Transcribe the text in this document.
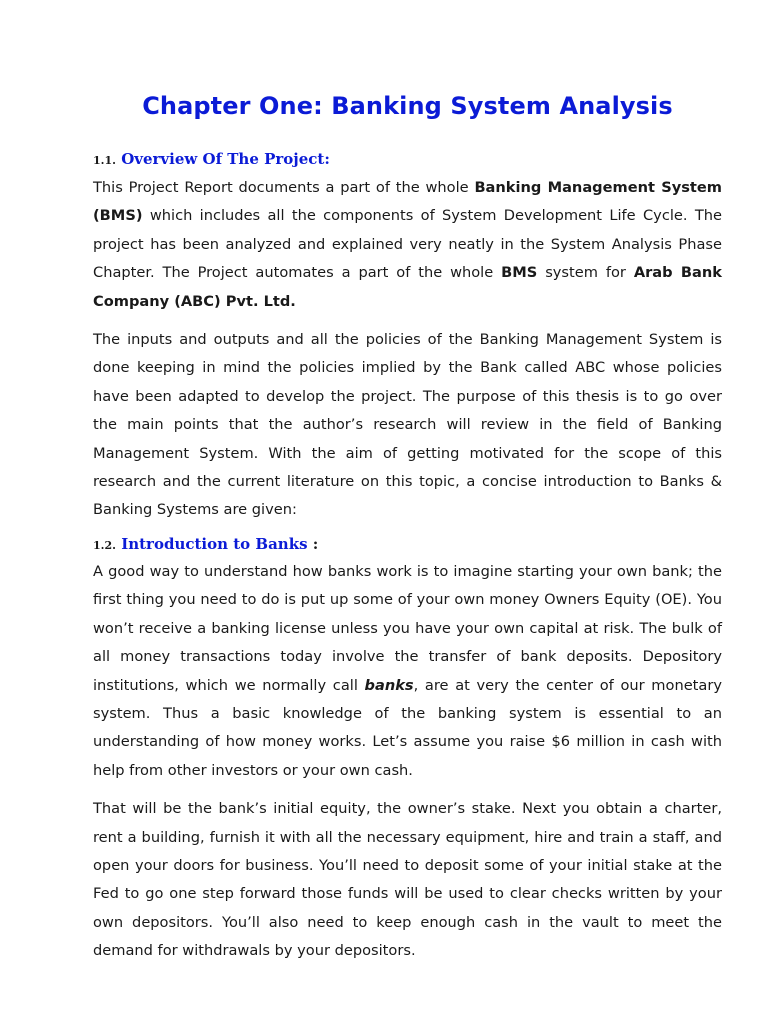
Chapter One: Banking System Analysis
1.1. Overview Of The Project:

This Project Report documents a part of the whole Banking Management System (BMS) which includes all the components of System Development Life Cycle. The project has been analyzed and explained very neatly in the System Analysis Phase Chapter. The Project automates a part of the whole BMS system for Arab Bank Company (ABC) Pvt. Ltd.

The inputs and outputs and all the policies of the Banking Management System is done keeping in mind the policies implied by the Bank called ABC whose policies have been adapted to develop the project. The purpose of this thesis is to go over the main points that the author’s research will review in the field of Banking Management System. With the aim of getting motivated for the scope of this research and the current literature on this topic, a concise introduction to Banks & Banking Systems are given:

1.2. Introduction to Banks :

A good way to understand how banks work is to imagine starting your own bank; the first thing you need to do is put up some of your own money Owners Equity (OE). You won’t receive a banking license unless you have your own capital at risk. The bulk of all money transactions today involve the transfer of bank deposits. Depository institutions, which we normally call banks, are at very the center of our monetary system. Thus a basic knowledge of the banking system is essential to an understanding of how money works. Let’s assume you raise $6 million in cash with help from other investors or your own cash.

That will be the bank’s initial equity, the owner’s stake. Next you obtain a charter, rent a building, furnish it with all the necessary equipment, hire and train a staff, and open your doors for business. You’ll need to deposit some of your initial stake at the Fed to go one step forward those funds will be used to clear checks written by your own depositors. You’ll also need to keep enough cash in the vault to meet the demand for withdrawals by your depositors.
